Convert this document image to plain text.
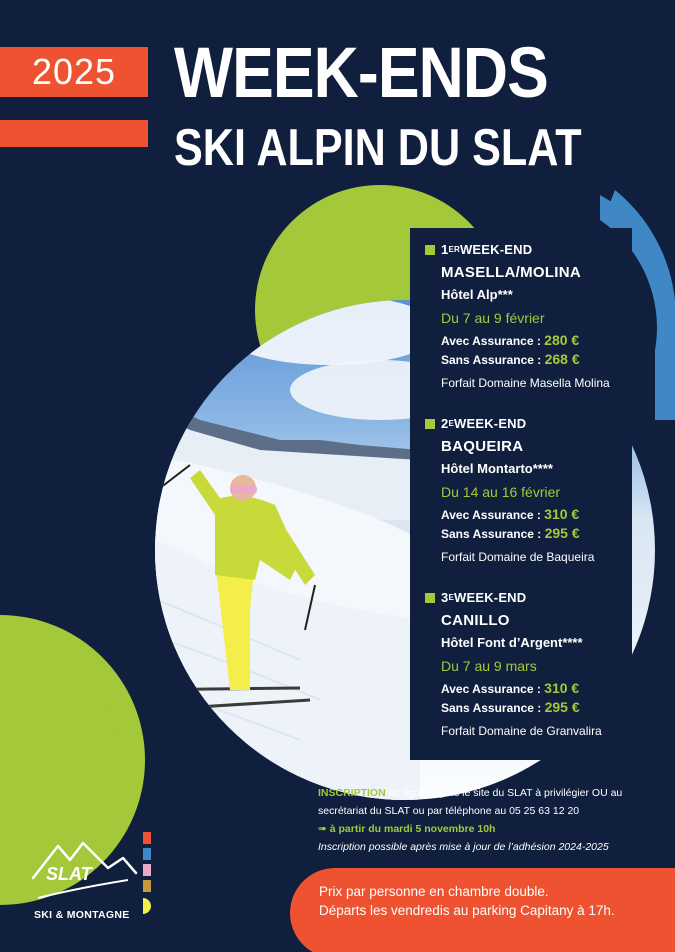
2025 WEEK-ENDS
SKI ALPIN DU SLAT
1 ER WEEK-END
MASELLA/MOLINA
Hôtel Alp***
Du 7 au 9 février
Avec Assurance : 280 €
Sans Assurance : 268 €
Forfait Domaine Masella Molina
2 E WEEK-END
BAQUEIRA
Hôtel Montarto****
Du 14 au 16 février
Avec Assurance : 310 €
Sans Assurance : 295 €
Forfait Domaine de Baqueira
3 E WEEK-END
CANILLO
Hôtel Font d’Argent****
Du 7 au 9 mars
Avec Assurance : 310 €
Sans Assurance : 295 €
Forfait Domaine de Granvalira
INSCRIPTION en ligne depuis le site du SLAT à privilégier OU au secrétariat du SLAT ou par téléphone au 05 25 63 12 20
➠ à partir du mardi 5 novembre 10h
Inscription possible après mise à jour de l’adhésion 2024-2025
Prix par personne en chambre double.
Départs les vendredis au parking Capitany à 17h.
SLAT
SKI & MONTAGNE
